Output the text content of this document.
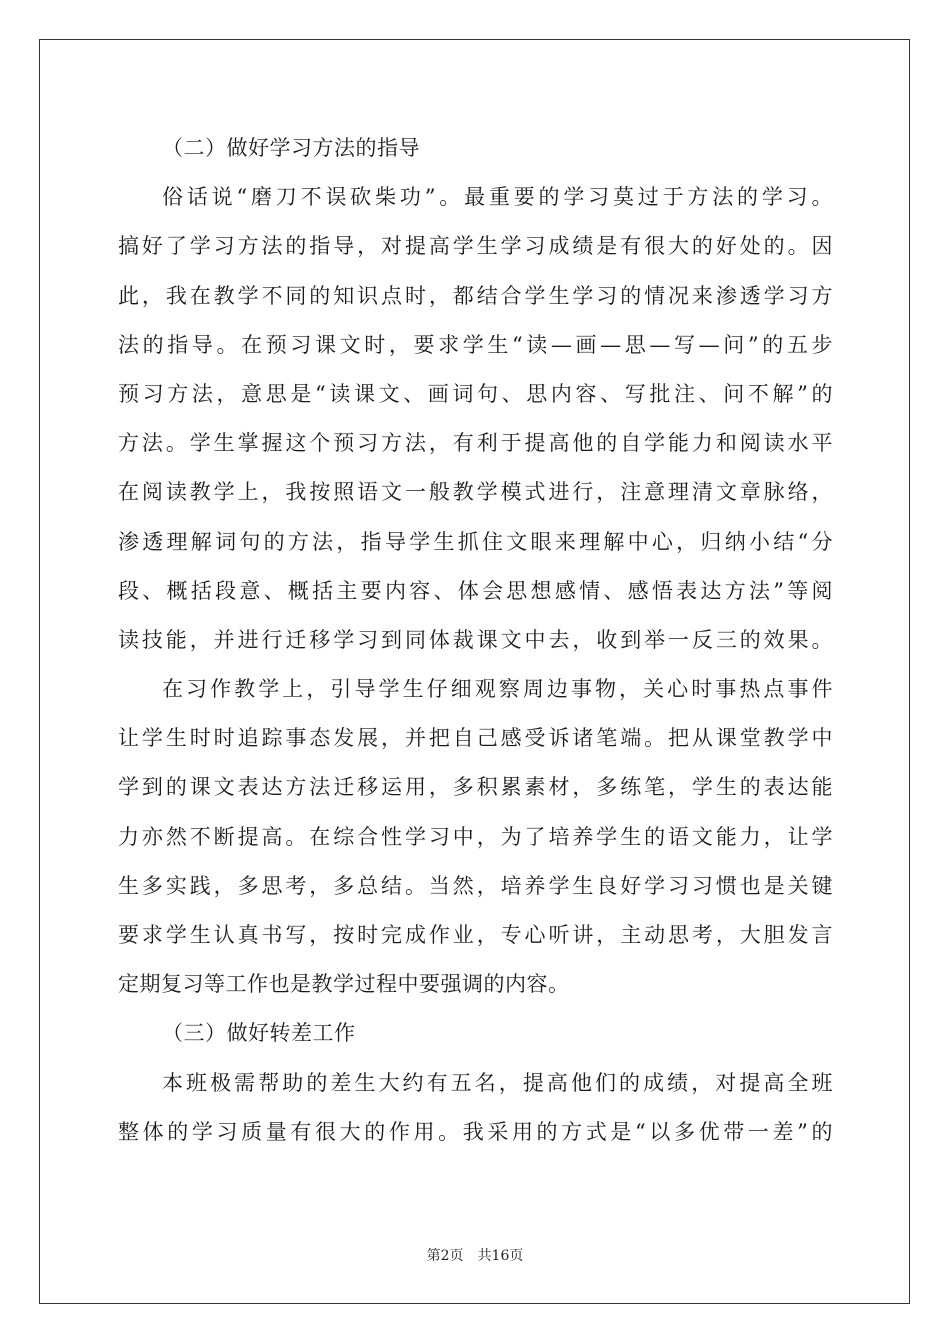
（二）做好学习方法的指导
俗话说“磨刀不误砍柴功”。最重要的学习莫过于方法的学习。
搞好了学习方法的指导，对提高学生学习成绩是有很大的好处的。因
此，我在教学不同的知识点时，都结合学生学习的情况来渗透学习方
法的指导。在预习课文时，要求学生“读—画—思—写—问”的五步
预习方法，意思是“读课文、画词句、思内容、写批注、问不解”的
方法。学生掌握这个预习方法，有利于提高他的自学能力和阅读水平
在阅读教学上，我按照语文一般教学模式进行，注意理清文章脉络，
渗透理解词句的方法，指导学生抓住文眼来理解中心，归纳小结“分
段、概括段意、概括主要内容、体会思想感情、感悟表达方法”等阅
读技能，并进行迁移学习到同体裁课文中去，收到举一反三的效果。
在习作教学上，引导学生仔细观察周边事物，关心时事热点事件
让学生时时追踪事态发展，并把自己感受诉诸笔端。把从课堂教学中
学到的课文表达方法迁移运用，多积累素材，多练笔，学生的表达能
力亦然不断提高。在综合性学习中，为了培养学生的语文能力，让学
生多实践，多思考，多总结。当然，培养学生良好学习习惯也是关键
要求学生认真书写，按时完成作业，专心听讲，主动思考，大胆发言
定期复习等工作也是教学过程中要强调的内容。
（三）做好转差工作
本班极需帮助的差生大约有五名，提高他们的成绩，对提高全班
整体的学习质量有很大的作用。我采用的方式是“以多优带一差”的
第2页 共16页
